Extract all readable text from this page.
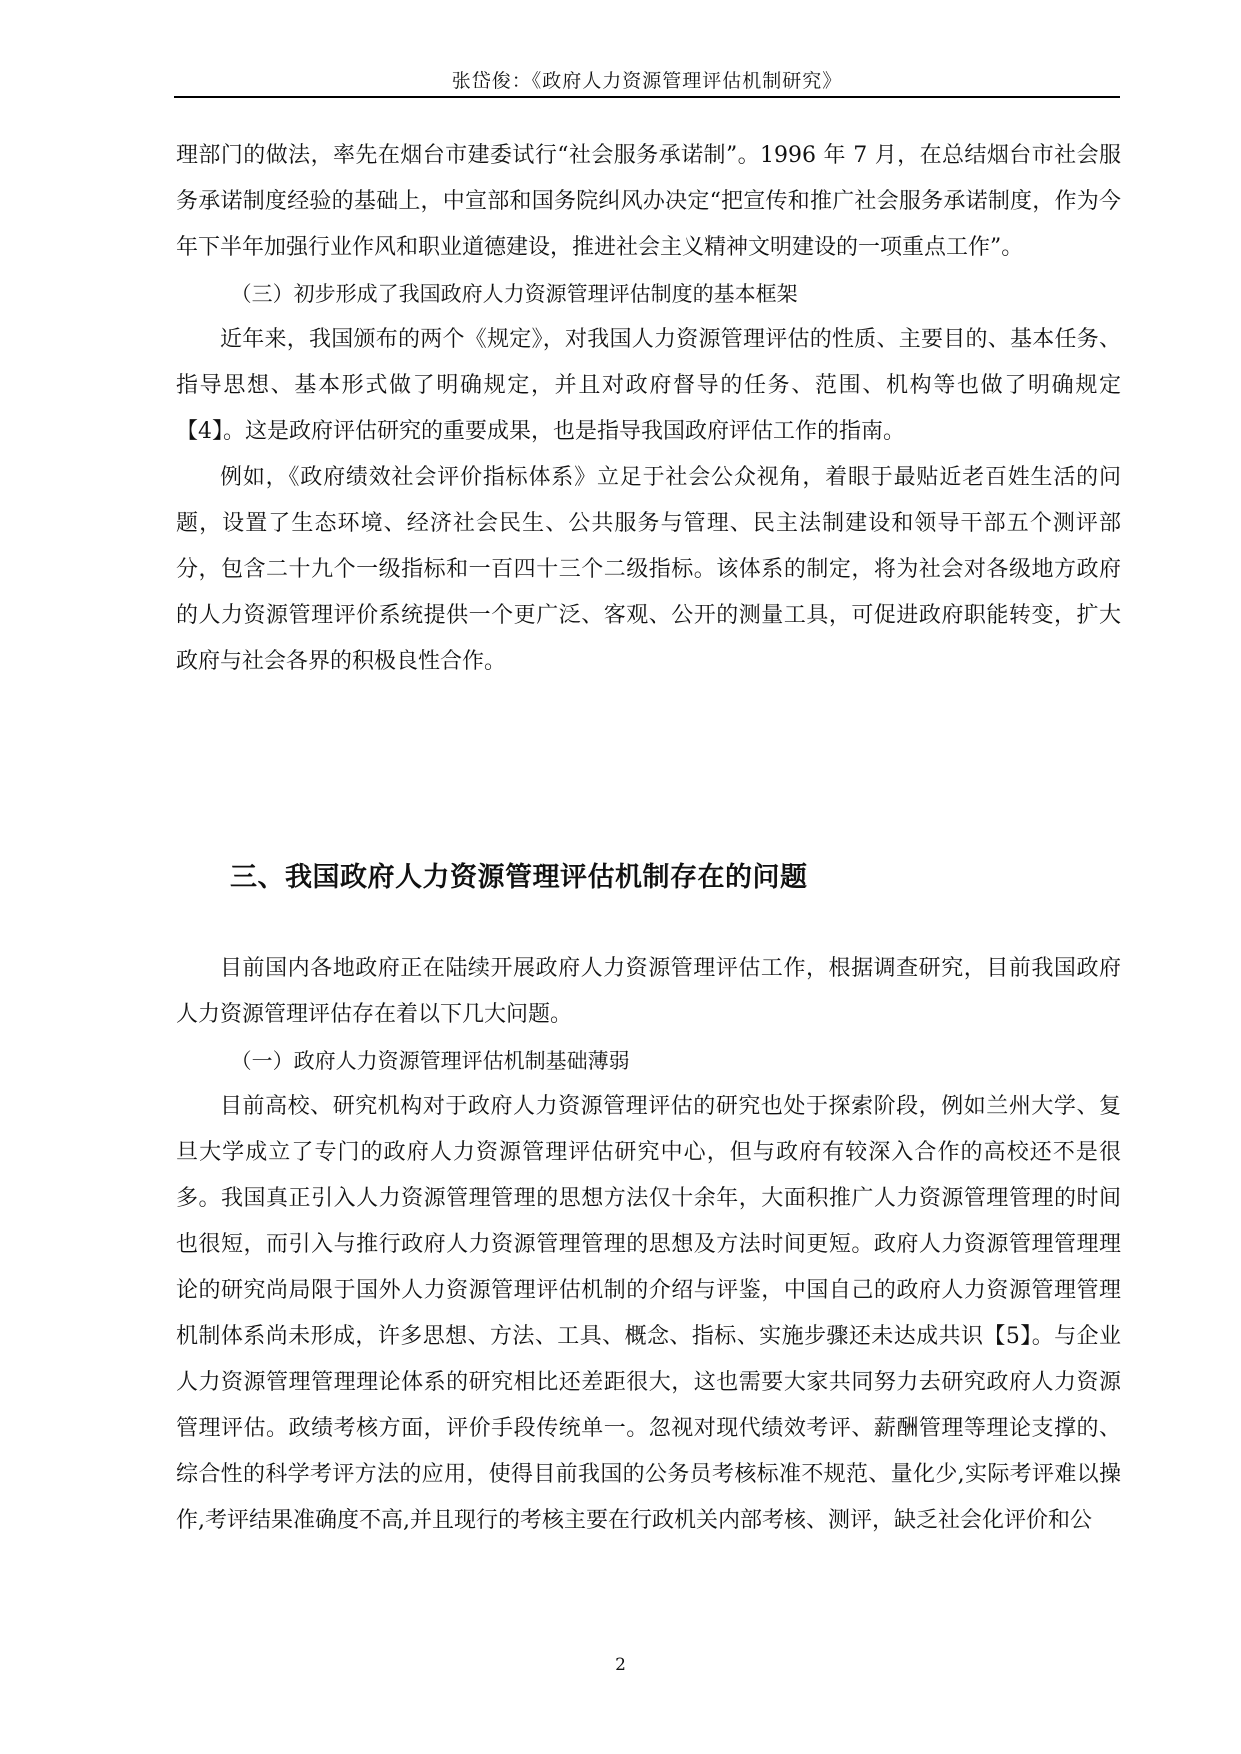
张岱俊：《政府人力资源管理评估机制研究》

理部门的做法，率先在烟台市建委试行“社会服务承诺制”。1996 年 7 月，在总结烟台市社会服务承诺制度经验的基础上，中宣部和国务院纠风办决定“把宣传和推广社会服务承诺制度，作为今年下半年加强行业作风和职业道德建设，推进社会主义精神文明建设的一项重点工作”。

（三）初步形成了我国政府人力资源管理评估制度的基本框架

近年来，我国颁布的两个《规定》，对我国人力资源管理评估的性质、主要目的、基本任务、指导思想、基本形式做了明确规定，并且对政府督导的任务、范围、机构等也做了明确规定【4】。这是政府评估研究的重要成果，也是指导我国政府评估工作的指南。

例如，《政府绩效社会评价指标体系》立足于社会公众视角，着眼于最贴近老百姓生活的问题，设置了生态环境、经济社会民生、公共服务与管理、民主法制建设和领导干部五个测评部分，包含二十九个一级指标和一百四十三个二级指标。该体系的制定，将为社会对各级地方政府的人力资源管理评价系统提供一个更广泛、客观、公开的测量工具，可促进政府职能转变，扩大政府与社会各界的积极良性合作。

三、我国政府人力资源管理评估机制存在的问题

目前国内各地政府正在陆续开展政府人力资源管理评估工作，根据调查研究，目前我国政府人力资源管理评估存在着以下几大问题。

（一）政府人力资源管理评估机制基础薄弱

目前高校、研究机构对于政府人力资源管理评估的研究也处于探索阶段，例如兰州大学、复旦大学成立了专门的政府人力资源管理评估研究中心，但与政府有较深入合作的高校还不是很多。我国真正引入人力资源管理管理的思想方法仅十余年，大面积推广人力资源管理管理的时间也很短，而引入与推行政府人力资源管理管理的思想及方法时间更短。政府人力资源管理管理理论的研究尚局限于国外人力资源管理评估机制的介绍与评鉴，中国自己的政府人力资源管理管理机制体系尚未形成，许多思想、方法、工具、概念、指标、实施步骤还未达成共识【5】。与企业人力资源管理管理理论体系的研究相比还差距很大，这也需要大家共同努力去研究政府人力资源管理评估。政绩考核方面，评价手段传统单一。忽视对现代绩效考评、薪酬管理等理论支撑的、综合性的科学考评方法的应用，使得目前我国的公务员考核标准不规范、量化少,实际考评难以操作,考评结果准确度不高,并且现行的考核主要在行政机关内部考核、测评，缺乏社会化评价和公

2
